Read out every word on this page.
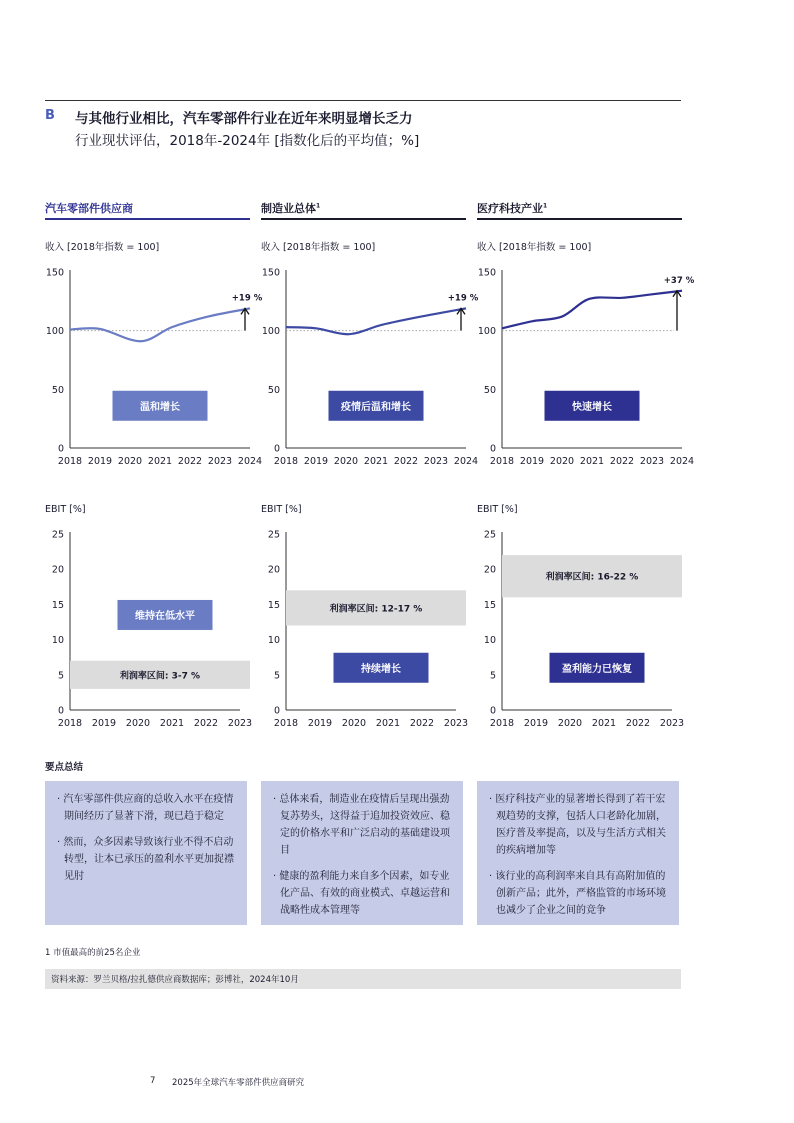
B 与其他行业相比，汽车零部件行业在近年来明显增长乏力
行业现状评估，2018年-2024年 [指数化后的平均值；%]
汽车零部件供应商	制造业总体$^1$	医疗科技产业$^1$
收入 [2018年指数 = 100]
0
50
100
150
2018 2019 2020 2021 2022 2023 2024
+19 %
温和增长
收入 [2018年指数 = 100]
0
50
100
150
2018 2019 2020 2021 2022 2023 2024
+19 %
疫情后温和增长
收入 [2018年指数 = 100]
0
50
100
150
2018 2019 2020 2021 2022 2023 2024
+37 %
快速增长
EBIT [%]
0
5
10
15
20
25
2018 2019 2020 2021 2022 2023
利润率区间: 3-7 %
维持在低水平
EBIT [%]
0
5
10
15
20
25
2018 2019 2020 2021 2022 2023
利润率区间: 12-17 %
持续增长
EBIT [%]
0
5
10
15
20
25
2018 2019 2020 2021 2022 2023
利润率区间: 16-22 %
盈利能力已恢复
要点总结

· 汽车零部件供应商的总收入水平在疫情期间经历了显著下滑，现已趋于稳定

· 然而，众多因素导致该行业不得不启动转型，让本已承压的盈利水平更加捉襟见肘

· 总体来看，制造业在疫情后呈现出强劲复苏势头，这得益于追加投资效应、稳定的价格水平和广泛启动的基础建设项目

· 健康的盈利能力来自多个因素，如专业化产品、有效的商业模式、卓越运营和战略性成本管理等

· 医疗科技产业的显著增长得到了若干宏观趋势的支撑，包括人口老龄化加剧，医疗普及率提高，以及与生活方式相关的疾病增加等

· 该行业的高利润率来自具有高附加值的创新产品；此外，严格监管的市场环境也减少了企业之间的竞争

1 市值最高的前25名企业
资料来源：罗兰贝格/拉扎德供应商数据库；彭博社，2024年10月
7 2025年全球汽车零部件供应商研究
